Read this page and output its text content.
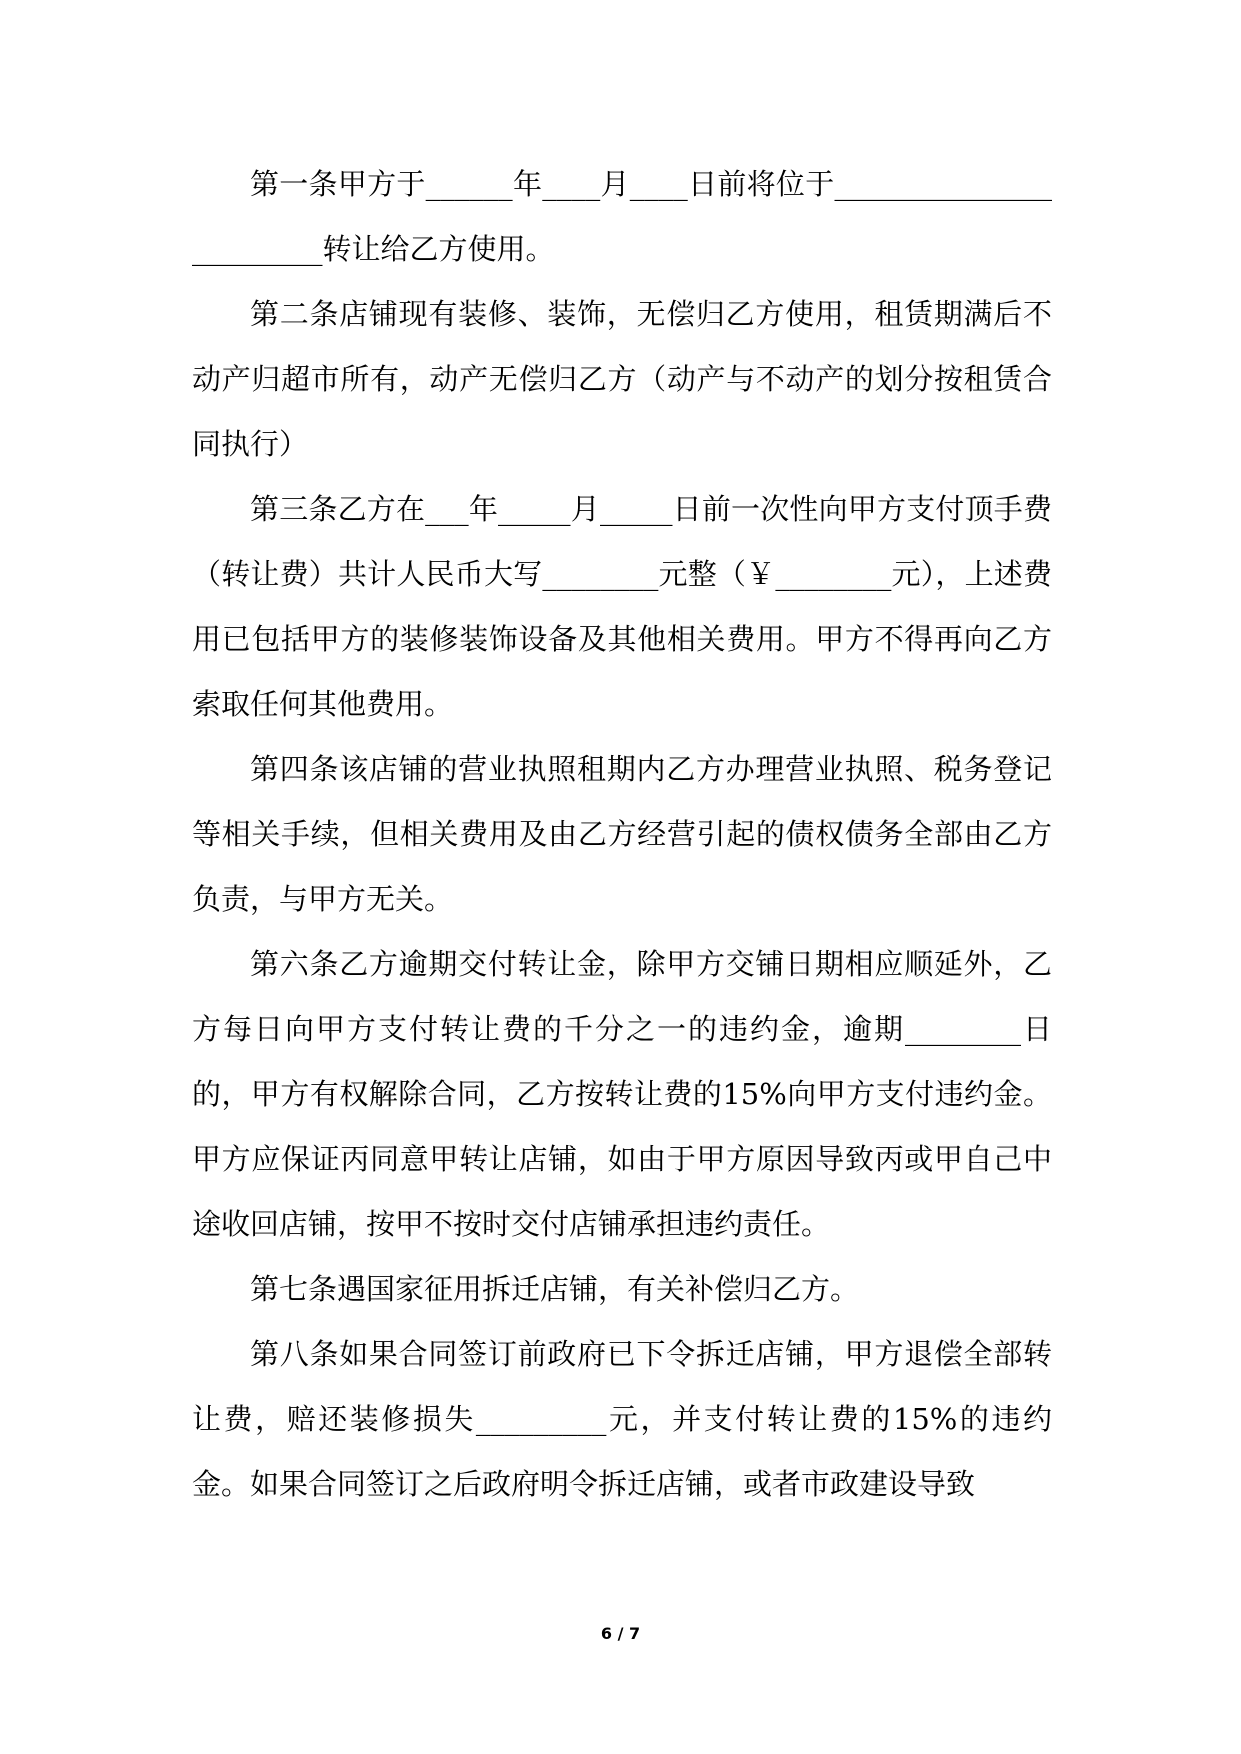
第一条甲方于______年____月____日前将位于________________________转让给乙方使用。

第二条店铺现有装修、装饰，无偿归乙方使用，租赁期满后不动产归超市所有，动产无偿归乙方（动产与不动产的划分按租赁合同执行）

第三条乙方在___年_____月_____日前一次性向甲方支付顶手费（转让费）共计人民币大写________元整（￥________元），上述费用已包括甲方的装修装饰设备及其他相关费用。甲方不得再向乙方索取任何其他费用。

第四条该店铺的营业执照租期内乙方办理营业执照、税务登记等相关手续，但相关费用及由乙方经营引起的债权债务全部由乙方负责，与甲方无关。

第六条乙方逾期交付转让金，除甲方交铺日期相应顺延外，乙方每日向甲方支付转让费的千分之一的违约金，逾期________日的，甲方有权解除合同，乙方按转让费的15%向甲方支付违约金。甲方应保证丙同意甲转让店铺，如由于甲方原因导致丙或甲自己中途收回店铺，按甲不按时交付店铺承担违约责任。

第七条遇国家征用拆迁店铺，有关补偿归乙方。

第八条如果合同签订前政府已下令拆迁店铺，甲方退偿全部转让费，赔还装修损失_________元，并支付转让费的15%的违约金。如果合同签订之后政府明令拆迁店铺，或者市政建设导致

6 / 7
